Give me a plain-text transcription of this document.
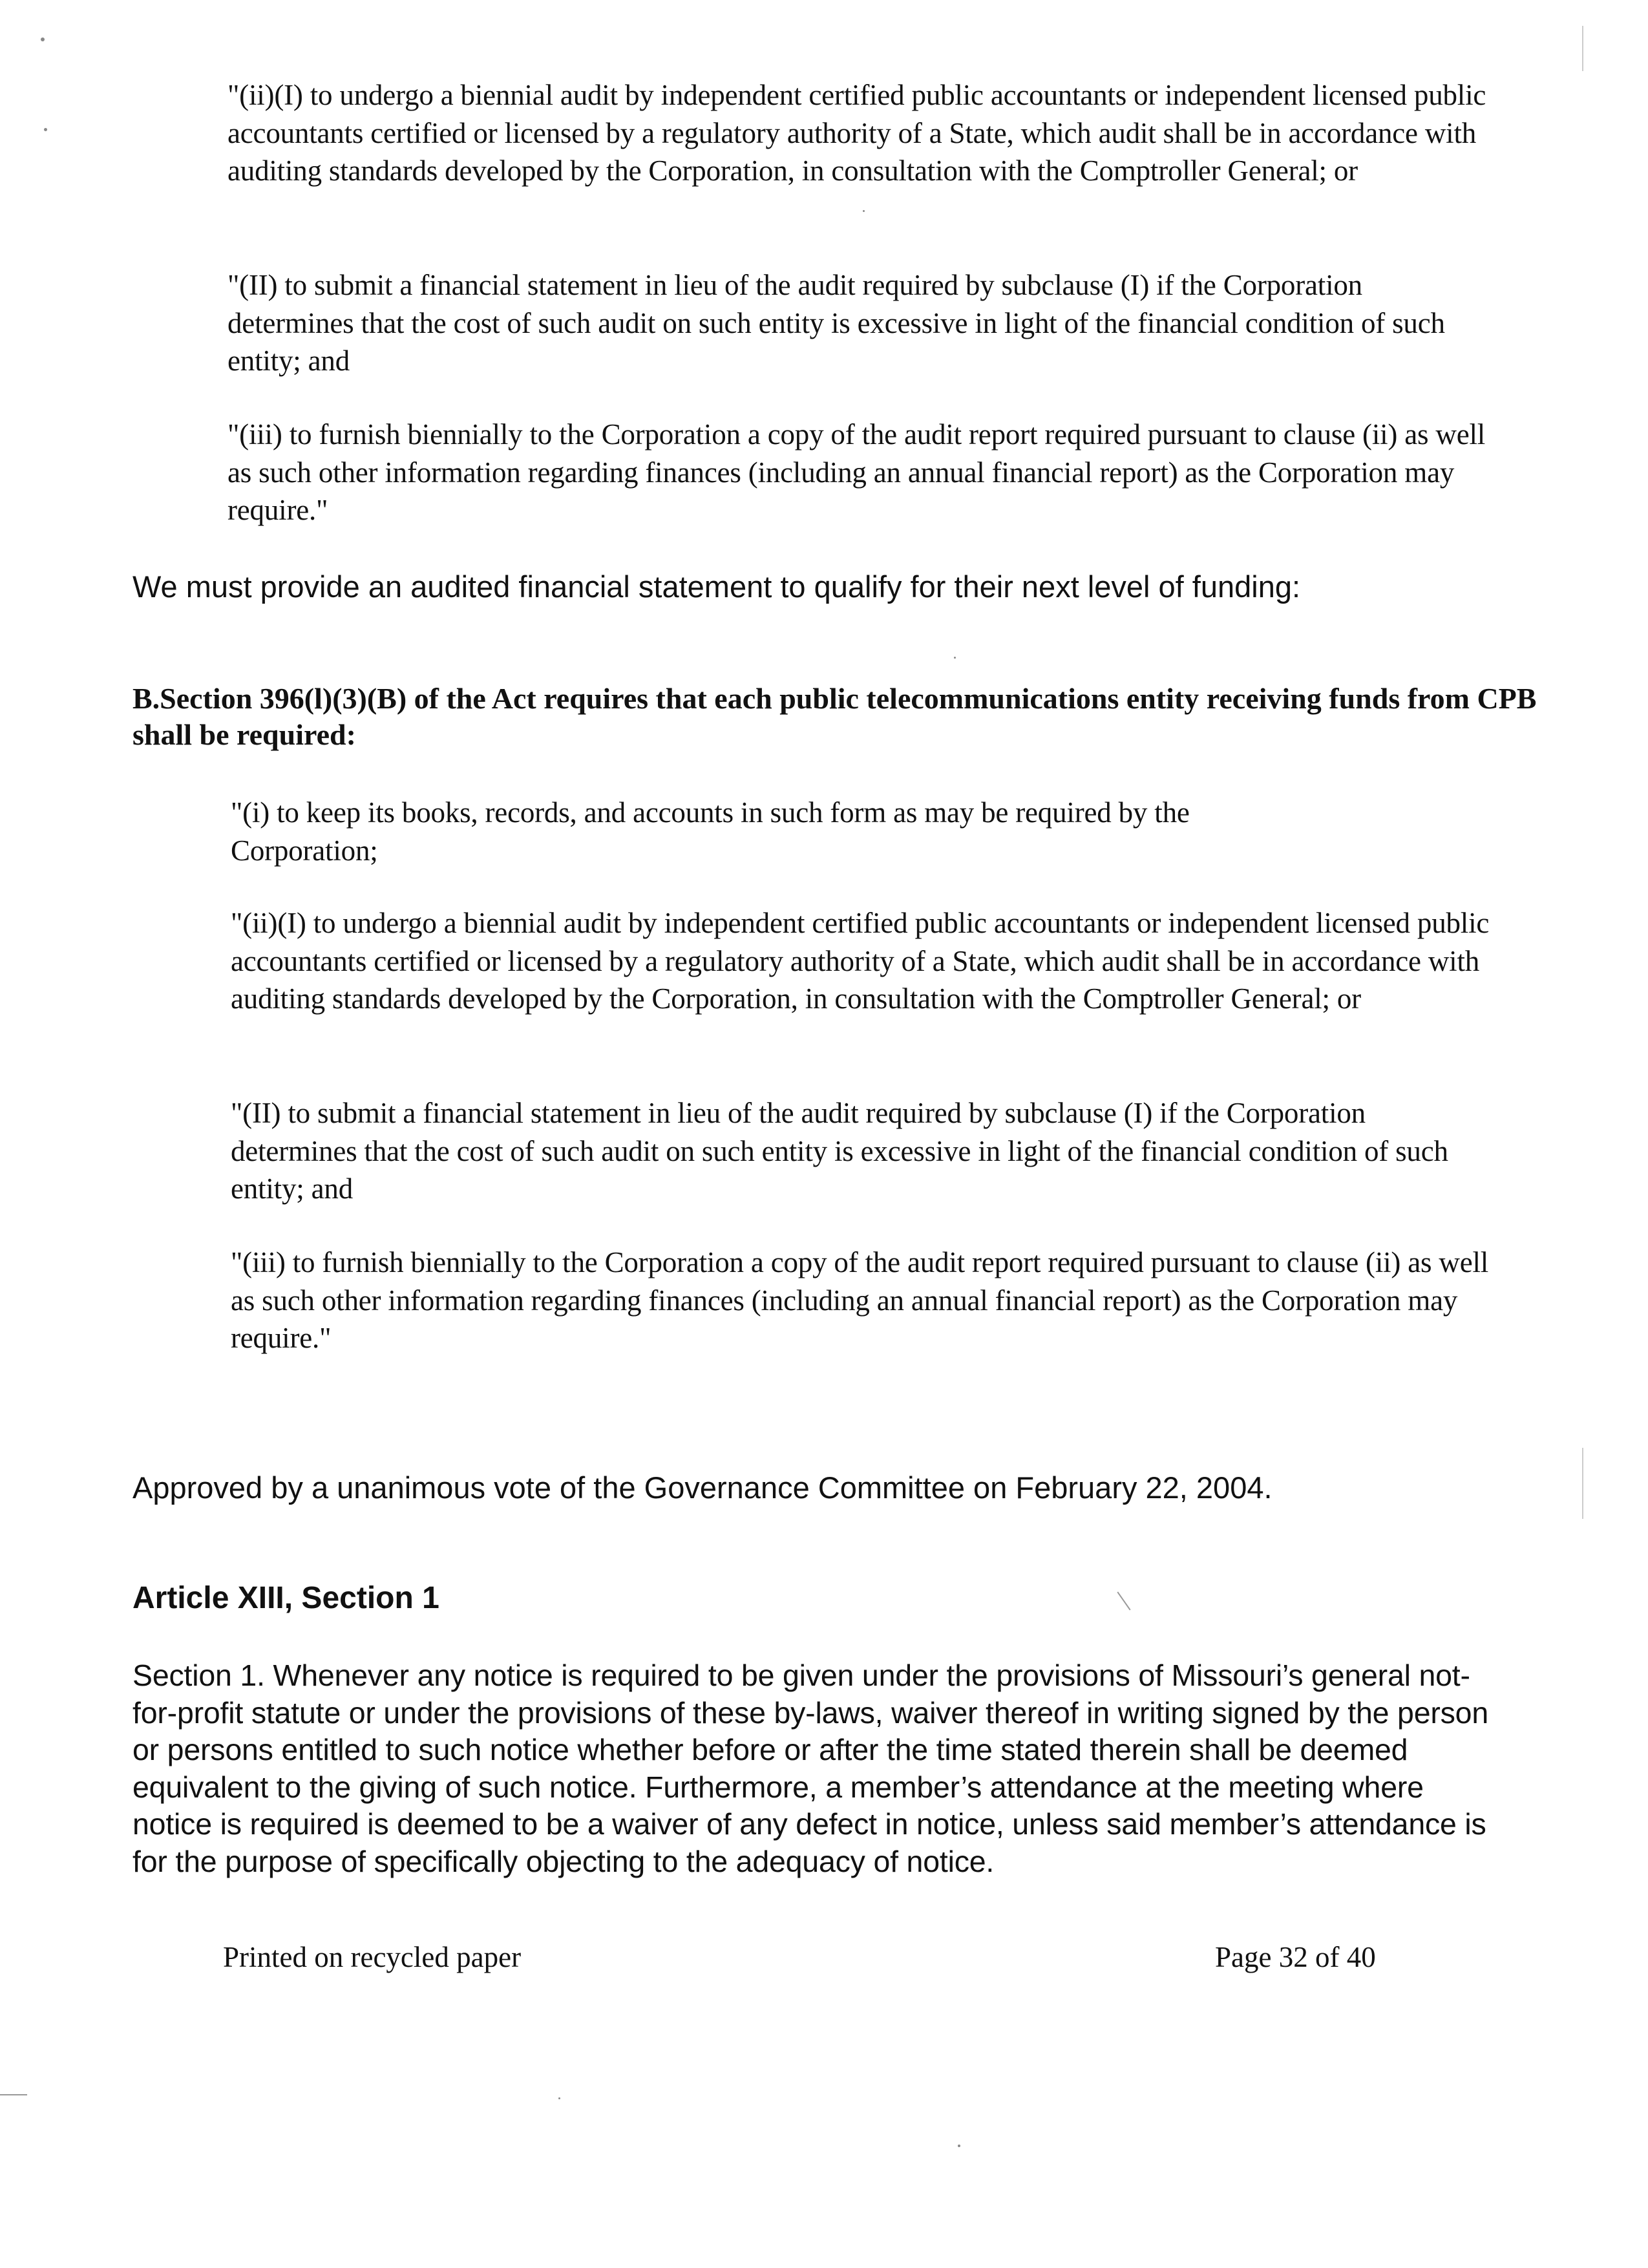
"(ii)(I) to undergo a biennial audit by independent certified public accountants or independent licensed public accountants certified or licensed by a regulatory authority of a State, which audit shall be in accordance with auditing standards developed by the Corporation, in consultation with the Comptroller General; or

"(II) to submit a financial statement in lieu of the audit required by subclause (I) if the Corporation determines that the cost of such audit on such entity is excessive in light of the financial condition of such entity; and

"(iii) to furnish biennially to the Corporation a copy of the audit report required pursuant to clause (ii) as well as such other information regarding finances (including an annual financial report) as the Corporation may require."

We must provide an audited financial statement to qualify for their next level of funding:

B.Section 396(l)(3)(B) of the Act requires that each public telecommunications entity receiving funds from CPB shall be required:

"(i) to keep its books, records, and accounts in such form as may be required by the Corporation;

"(ii)(I) to undergo a biennial audit by independent certified public accountants or independent licensed public accountants certified or licensed by a regulatory authority of a State, which audit shall be in accordance with auditing standards developed by the Corporation, in consultation with the Comptroller General; or

"(II) to submit a financial statement in lieu of the audit required by subclause (I) if the Corporation determines that the cost of such audit on such entity is excessive in light of the financial condition of such entity; and

"(iii) to furnish biennially to the Corporation a copy of the audit report required pursuant to clause (ii) as well as such other information regarding finances (including an annual financial report) as the Corporation may require."

Approved by a unanimous vote of the Governance Committee on February 22, 2004.

Article XIII, Section 1

Section 1. Whenever any notice is required to be given under the provisions of Missouri’s general not-for-profit statute or under the provisions of these by-laws, waiver thereof in writing signed by the person or persons entitled to such notice whether before or after the time stated therein shall be deemed equivalent to the giving of such notice. Furthermore, a member’s attendance at the meeting where notice is required is deemed to be a waiver of any defect in notice, unless said member’s attendance is for the purpose of specifically objecting to the adequacy of notice.

Printed on recycled paper	Page 32 of 40
